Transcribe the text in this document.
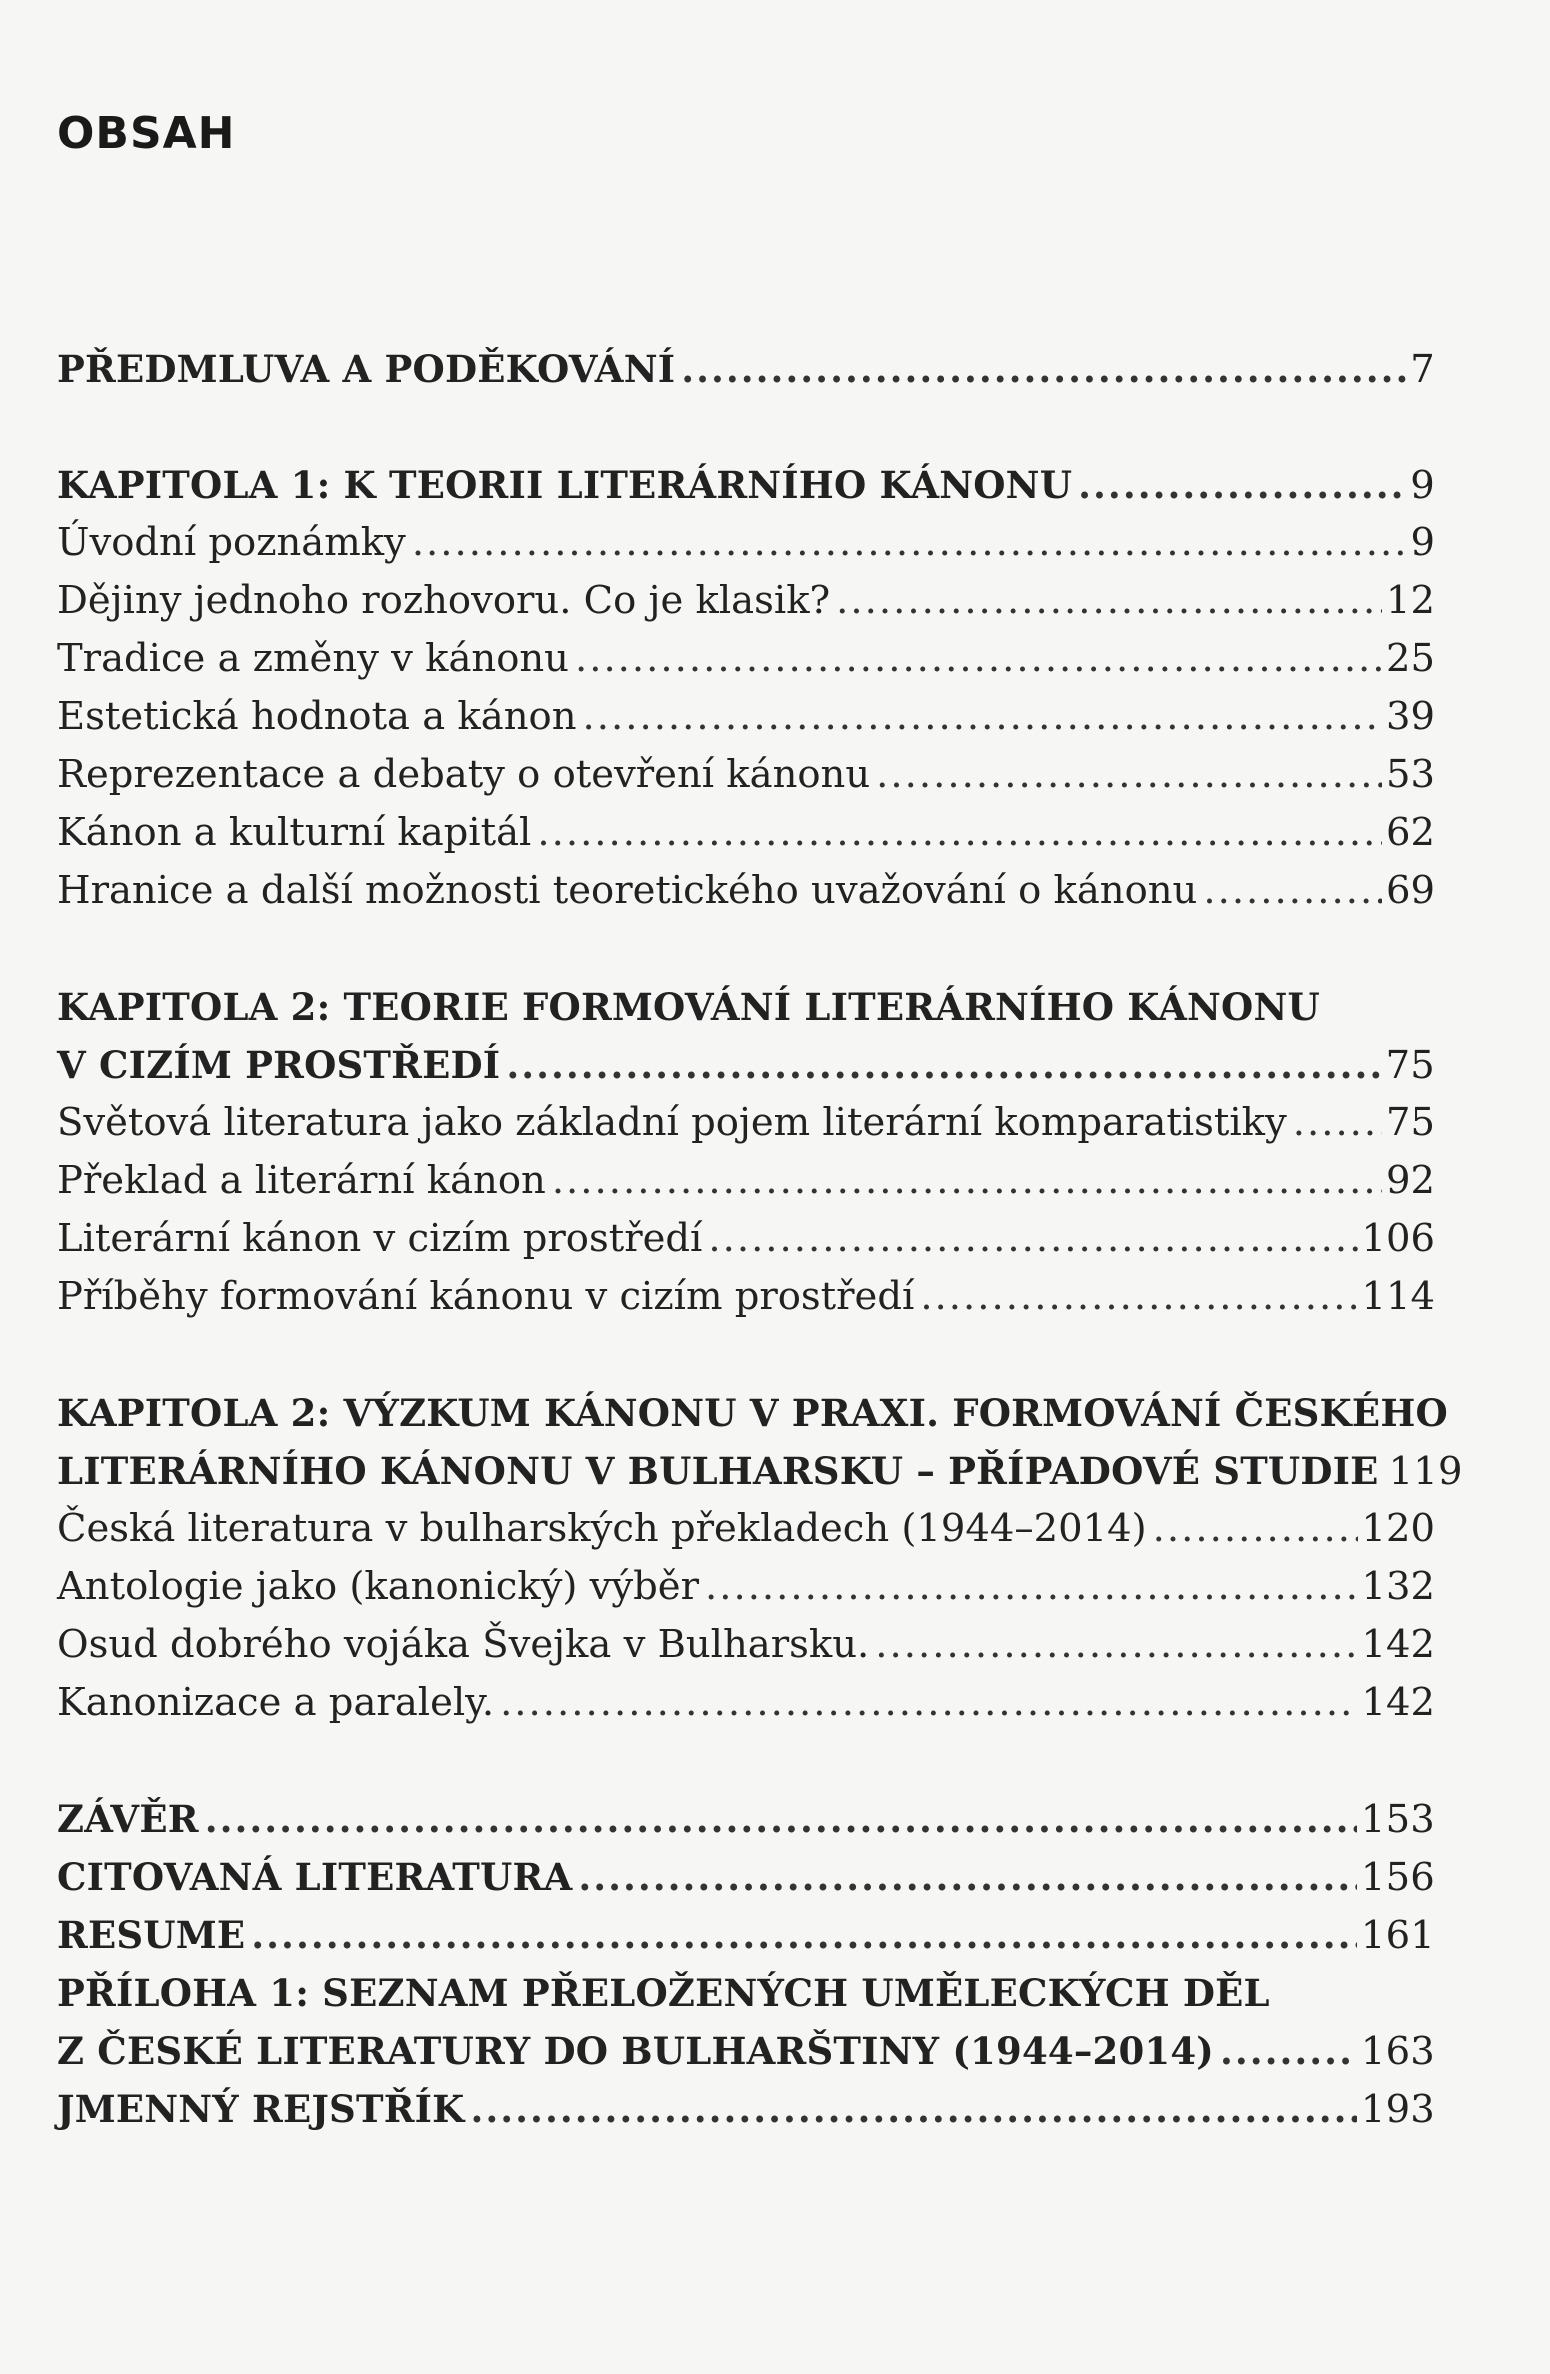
OBSAH
PŘEDMLUVA A PODĚKOVÁNÍ .....	7
KAPITOLA 1: K TEORII LITERÁRNÍHO KÁNONU .....	9
Úvodní poznámky .....	9
Dějiny jednoho rozhovoru. Co je klasik? .....	12
Tradice a změny v kánonu .....	25
Estetická hodnota a kánon .....	39
Reprezentace a debaty o otevření kánonu .....	53
Kánon a kulturní kapitál .....	62
Hranice a další možnosti teoretického uvažování o kánonu .....	69
KAPITOLA 2: TEORIE FORMOVÁNÍ LITERÁRNÍHO KÁNONU
V CIZÍM PROSTŘEDÍ .....	75
Světová literatura jako základní pojem literární komparatistiky .....	75
Překlad a literární kánon .....	92
Literární kánon v cizím prostředí .....	106
Příběhy formování kánonu v cizím prostředí .....	114
KAPITOLA 2: VÝZKUM KÁNONU V PRAXI. FORMOVÁNÍ ČESKÉHO
LITERÁRNÍHO KÁNONU V BULHARSKU – PŘÍPADOVÉ STUDIE 119
Česká literatura v bulharských překladech (1944–2014) .....	120
Antologie jako (kanonický) výběr .....	132
Osud dobrého vojáka Švejka v Bulharsku. .....	142
Kanonizace a paralely. .....	142
ZÁVĚR .....	153
CITOVANÁ LITERATURA .....	156
RESUME .....	161
PŘÍLOHA 1: SEZNAM PŘELOŽENÝCH UMĚLECKÝCH DĚL
Z ČESKÉ LITERATURY DO BULHARŠTINY (1944–2014) .....	163
JMENNÝ REJSTŘÍK .....	193
